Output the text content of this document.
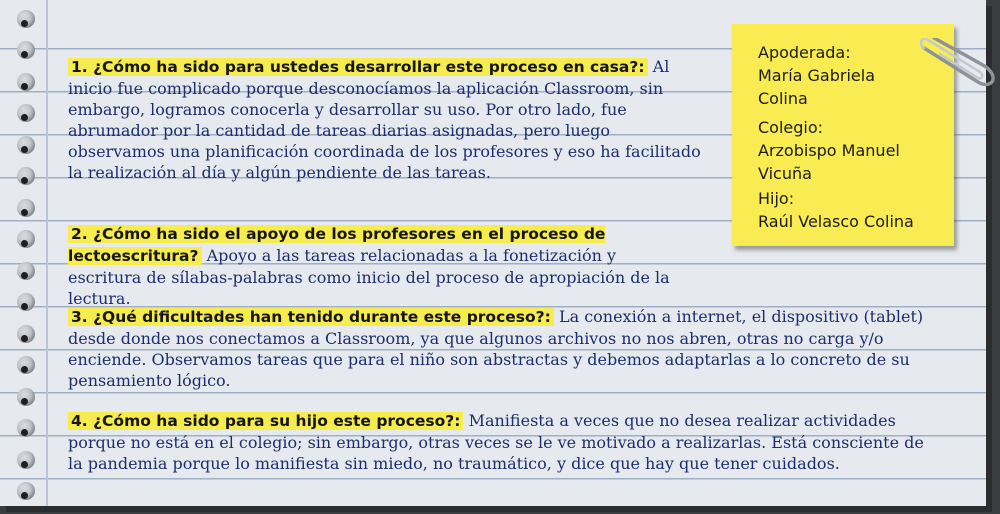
1. ¿Cómo ha sido para ustedes desarrollar este proceso en casa?: Al inicio fue complicado porque desconocíamos la aplicación Classroom, sin embargo, logramos conocerla y desarrollar su uso. Por otro lado, fue abrumador por la cantidad de tareas diarias asignadas, pero luego observamos una planificación coordinada de los profesores y eso ha facilitado la realización al día y algún pendiente de las tareas.
2. ¿Cómo ha sido el apoyo de los profesores en el proceso de lectoescritura? Apoyo a las tareas relacionadas a la fonetización y escritura de sílabas-palabras como inicio del proceso de apropiación de la lectura.
3. ¿Qué dificultades han tenido durante este proceso?: La conexión a internet, el dispositivo (tablet) desde donde nos conectamos a Classroom, ya que algunos archivos no nos abren, otras no carga y/o enciende. Observamos tareas que para el niño son abstractas y debemos adaptarlas a lo concreto de su pensamiento lógico.
4. ¿Cómo ha sido para su hijo este proceso?: Manifiesta a veces que no desea realizar actividades porque no está en el colegio; sin embargo, otras veces se le ve motivado a realizarlas. Está consciente de la pandemia porque lo manifiesta sin miedo, no traumático, y dice que hay que tener cuidados.
Apoderada:
María Gabriela
Colina
Colegio:
Arzobispo Manuel
Vicuña
Hijo:
Raúl Velasco Colina
